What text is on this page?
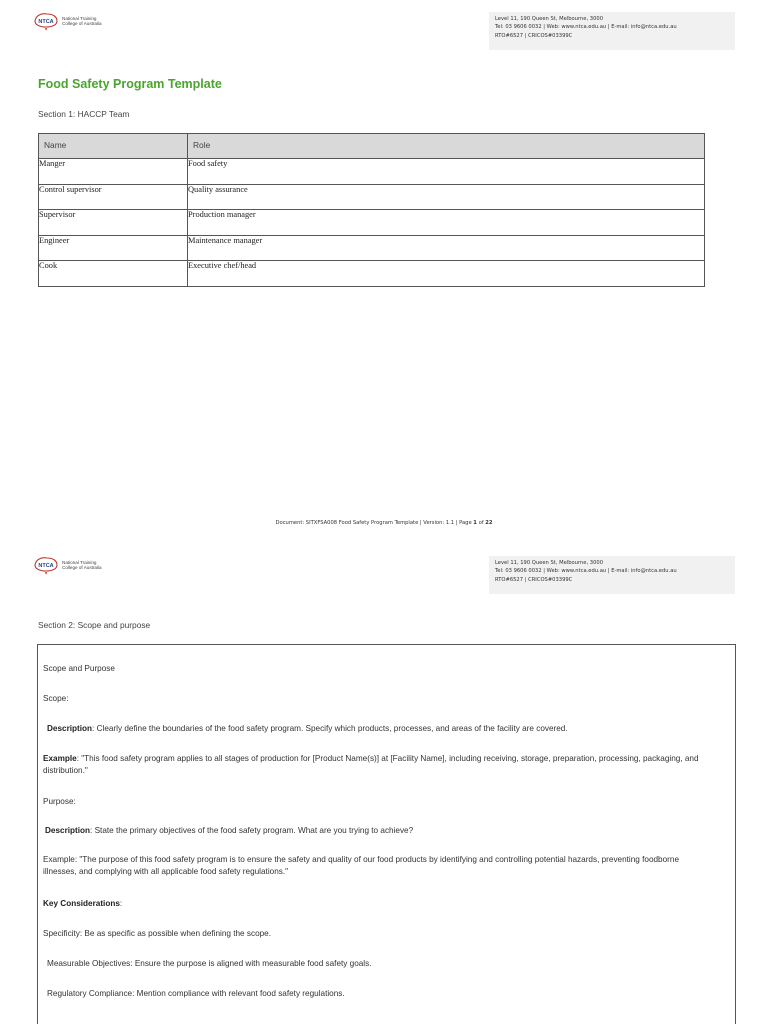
NTCA
National Training
College of Australia
Level 11, 190 Queen St, Melbourne, 3000
Tel: 03 9606 0032 | Web: www.ntca.edu.au | E-mail: info@ntca.edu.au
RTO#6527 | CRICOS#03399C
Food Safety Program Template
Section 1: HACCP Team
Name	Role
Manger	Food safety
Control supervisor	Quality assurance
Supervisor	Production manager
Engineer	Maintenance manager
Cook	Executive chef/head
Document: SITXFSA008 Food Safety Program Template | Version: 1.1 | Page 1 of 22
NTCA
National Training
College of Australia
Level 11, 190 Queen St, Melbourne, 3000
Tel: 03 9606 0032 | Web: www.ntca.edu.au | E-mail: info@ntca.edu.au
RTO#6527 | CRICOS#03399C
Section 2: Scope and purpose

Scope and Purpose

Scope:

Description: Clearly define the boundaries of the food safety program. Specify which products, processes, and areas of the facility are covered.

Example: "This food safety program applies to all stages of production for [Product Name(s)] at [Facility Name], including receiving, storage, preparation, processing, packaging, and distribution."

Purpose:

Description: State the primary objectives of the food safety program. What are you trying to achieve?

Example: "The purpose of this food safety program is to ensure the safety and quality of our food products by identifying and controlling potential hazards, preventing foodborne illnesses, and complying with all applicable food safety regulations."

Key Considerations:

Specificity: Be as specific as possible when defining the scope.

Measurable Objectives: Ensure the purpose is aligned with measurable food safety goals.

Regulatory Compliance: Mention compliance with relevant food safety regulations.
